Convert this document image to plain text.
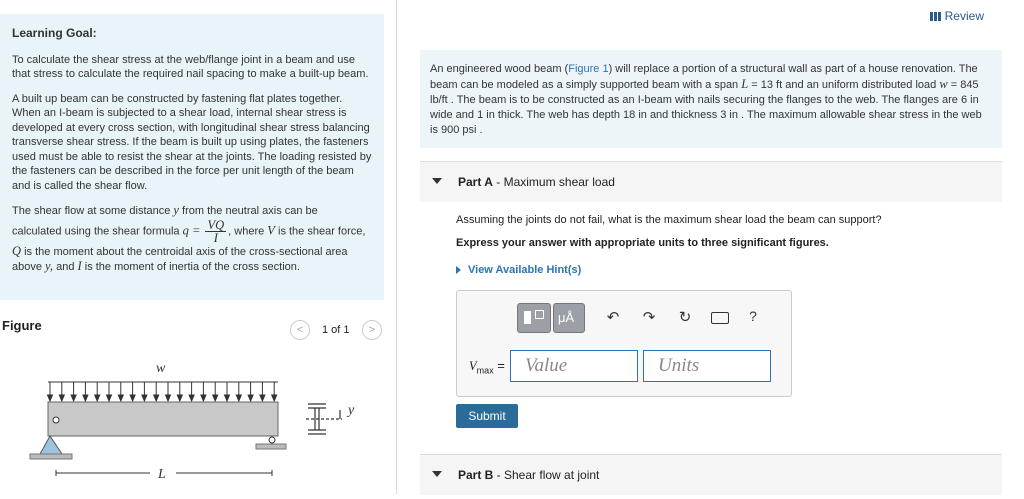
Learning Goal:

To calculate the shear stress at the web/flange joint in a beam and use that stress to calculate the required nail spacing to make a built-up beam.

A built up beam can be constructed by fastening flat plates together. When an I-beam is subjected to a shear load, internal shear stress is developed at every cross section, with longitudinal shear stress balancing transverse shear stress. If the beam is built up using plates, the fasteners used must be able to resist the shear at the joints. The loading resisted by the fasteners can be described in the force per unit length of the beam and is called the shear flow.

The shear flow at some distance y from the neutral axis can be
calculated using the shear formula $q = \frac{VQ}{I}$ , where V is the shear force, Q is the moment about the centroidal axis of the cross-sectional area above y, and I is the moment of inertia of the cross section.

Figure	<	1 of 1	>
w
L
y
Review

An engineered wood beam (Figure 1) will replace a portion of a structural wall as part of a house renovation. The beam can be modeled as a simply supported beam with a span L = 13 ft and an uniform distributed load w = 845 lb/ft . The beam is to be constructed as an I-beam with nails securing the flanges to the web. The flanges are 6 in wide and 1 in thick. The web has depth 18 in and thickness 3 in . The maximum allowable shear stress in the web is 900 psi .

Part A - Maximum shear load
Assuming the joints do not fail, what is the maximum shear load the beam can support?
Express your answer with appropriate units to three significant figures.
View Available Hint(s)
μÅ ↶ ↷ ↻	?
$V_{max}$ =	Value	Units
Submit
Part B - Shear flow at joint
